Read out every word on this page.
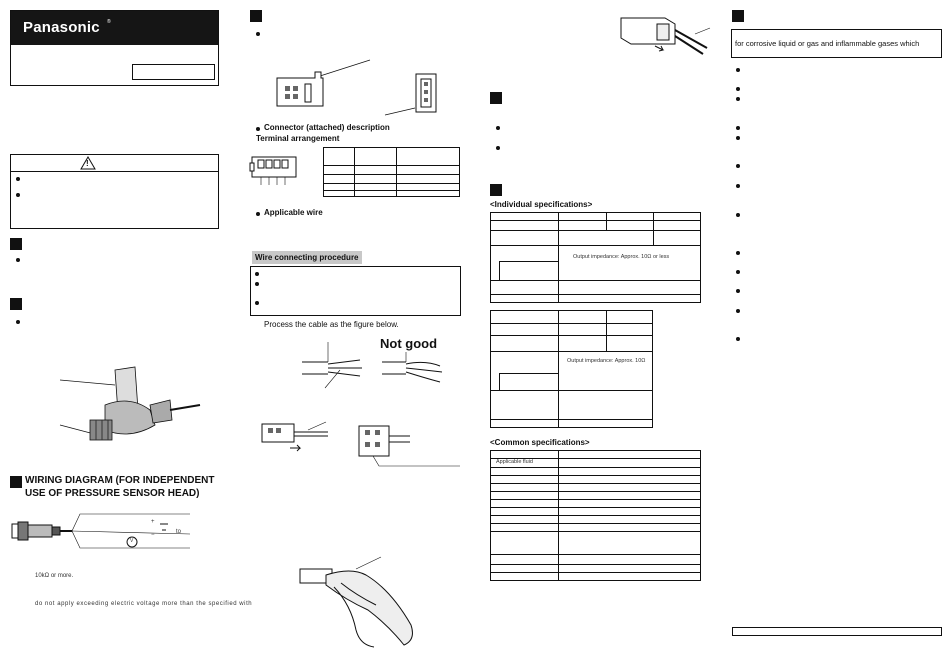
Panasonic ®
!
WIRING DIAGRAM (FOR INDEPENDENT
USE OF PRESSURE SENSOR HEAD)
V
+
−	to
10kΩ or more.
do not apply exceeding electric voltage more than the specified with
Connector (attached) description
Terminal arrangement
Applicable wire
Wire connecting procedure
Process the cable as the figure below.
Not good
<Individual specifications>
Output impedance: Approx. 10Ω or less
Output impedance: Approx. 10Ω
<Common specifications>
Applicable fluid
for corrosive liquid or gas and inflammable gases which
